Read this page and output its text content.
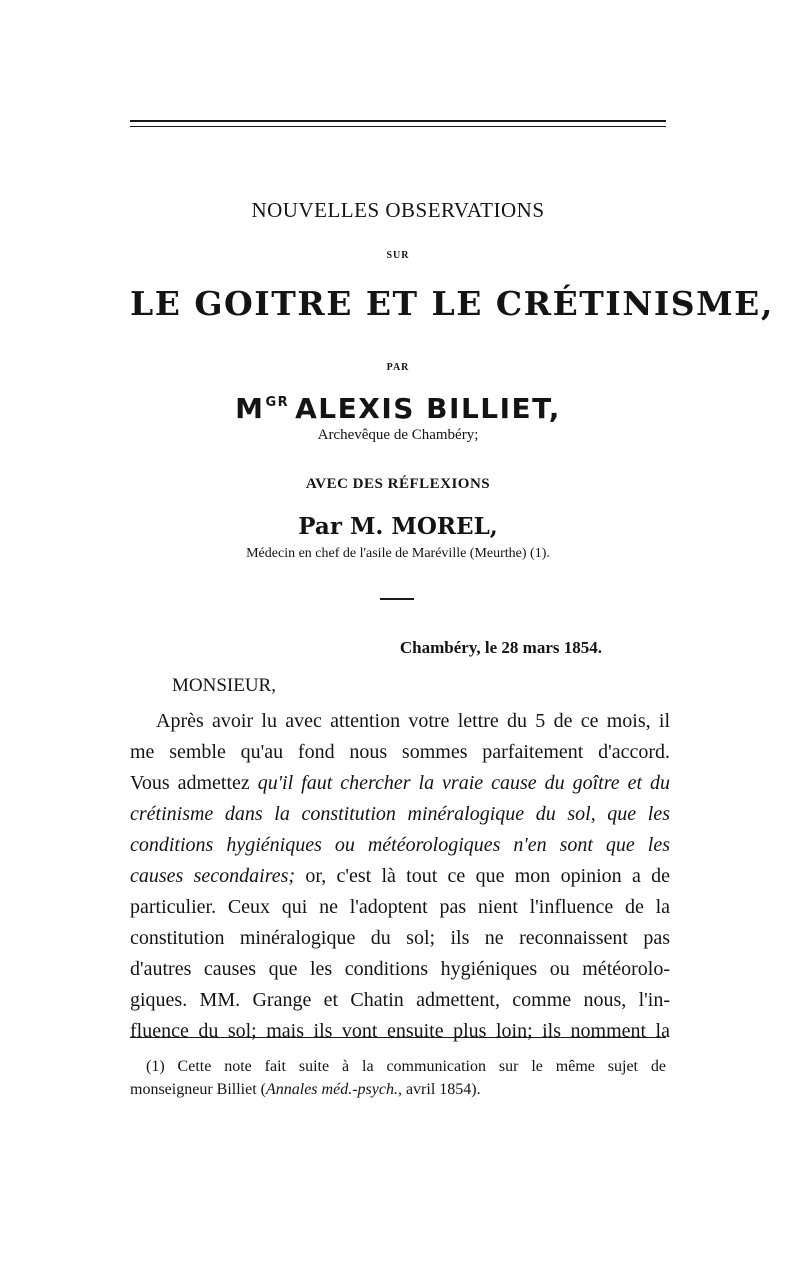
NOUVELLES OBSERVATIONS
SUR
LE GOITRE ET LE CRÉTINISME,
PAR
$M^{GR}$ ALEXIS BILLIET,
Archevêque de Chambéry;
AVEC DES RÉFLEXIONS
Par M. MOREL,
Médecin en chef de l'asile de Maréville (Meurthe) (1).
Chambéry, le 28 mars 1854.
MONSIEUR,
Après avoir lu avec attention votre lettre du 5 de ce mois, il
me semble qu'au fond nous sommes parfaitement d'accord.
Vous admettez qu'il faut chercher la vraie cause du goître et du
crétinisme dans la constitution minéralogique du sol, que les
conditions hygiéniques ou météorologiques n'en sont que les
causes secondaires; or, c'est là tout ce que mon opinion a de
particulier. Ceux qui ne l'adoptent pas nient l'influence de la
constitution minéralogique du sol; ils ne reconnaissent pas
d'autres causes que les conditions hygiéniques ou météorolo-
giques. MM. Grange et Chatin admettent, comme nous, l'in-
fluence du sol; mais ils vont ensuite plus loin; ils nomment la
(1) Cette note fait suite à la communication sur le même sujet de
monseigneur Billiet (Annales méd.-psych., avril 1854).
